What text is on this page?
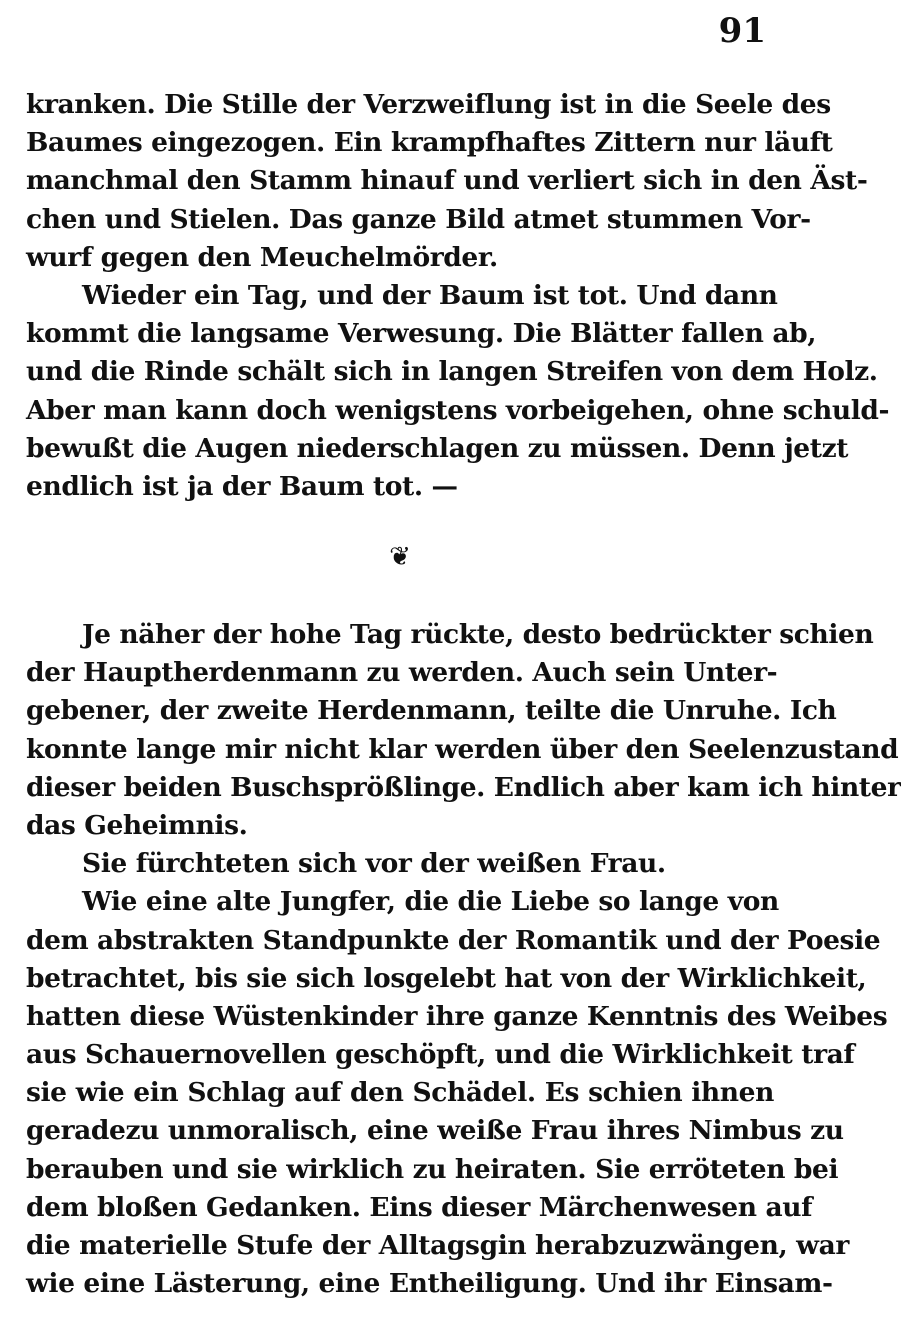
91
kranken. Die Stille der Verzweiflung ist in die Seele des
Baumes eingezogen. Ein krampfhaftes Zittern nur läuft
manchmal den Stamm hinauf und verliert sich in den Äst-
chen und Stielen. Das ganze Bild atmet stummen Vor-
wurf gegen den Meuchelmörder.
Wieder ein Tag, und der Baum ist tot. Und dann
kommt die langsame Verwesung. Die Blätter fallen ab,
und die Rinde schält sich in langen Streifen von dem Holz.
Aber man kann doch wenigstens vorbeigehen, ohne schuld-
bewußt die Augen niederschlagen zu müssen. Denn jetzt
endlich ist ja der Baum tot. —
❦
Je näher der hohe Tag rückte, desto bedrückter schien
der Hauptherdenmann zu werden. Auch sein Unter-
gebener, der zweite Herdenmann, teilte die Unruhe. Ich
konnte lange mir nicht klar werden über den Seelenzustand
dieser beiden Buschsprößlinge. Endlich aber kam ich hinter
das Geheimnis.
Sie fürchteten sich vor der weißen Frau.
Wie eine alte Jungfer, die die Liebe so lange von
dem abstrakten Standpunkte der Romantik und der Poesie
betrachtet, bis sie sich losgelebt hat von der Wirklichkeit,
hatten diese Wüstenkinder ihre ganze Kenntnis des Weibes
aus Schauernovellen geschöpft, und die Wirklichkeit traf
sie wie ein Schlag auf den Schädel. Es schien ihnen
geradezu unmoralisch, eine weiße Frau ihres Nimbus zu
berauben und sie wirklich zu heiraten. Sie erröteten bei
dem bloßen Gedanken. Eins dieser Märchenwesen auf
die materielle Stufe der Alltagsgin herabzuzwängen, war
wie eine Lästerung, eine Entheiligung. Und ihr Einsam-
